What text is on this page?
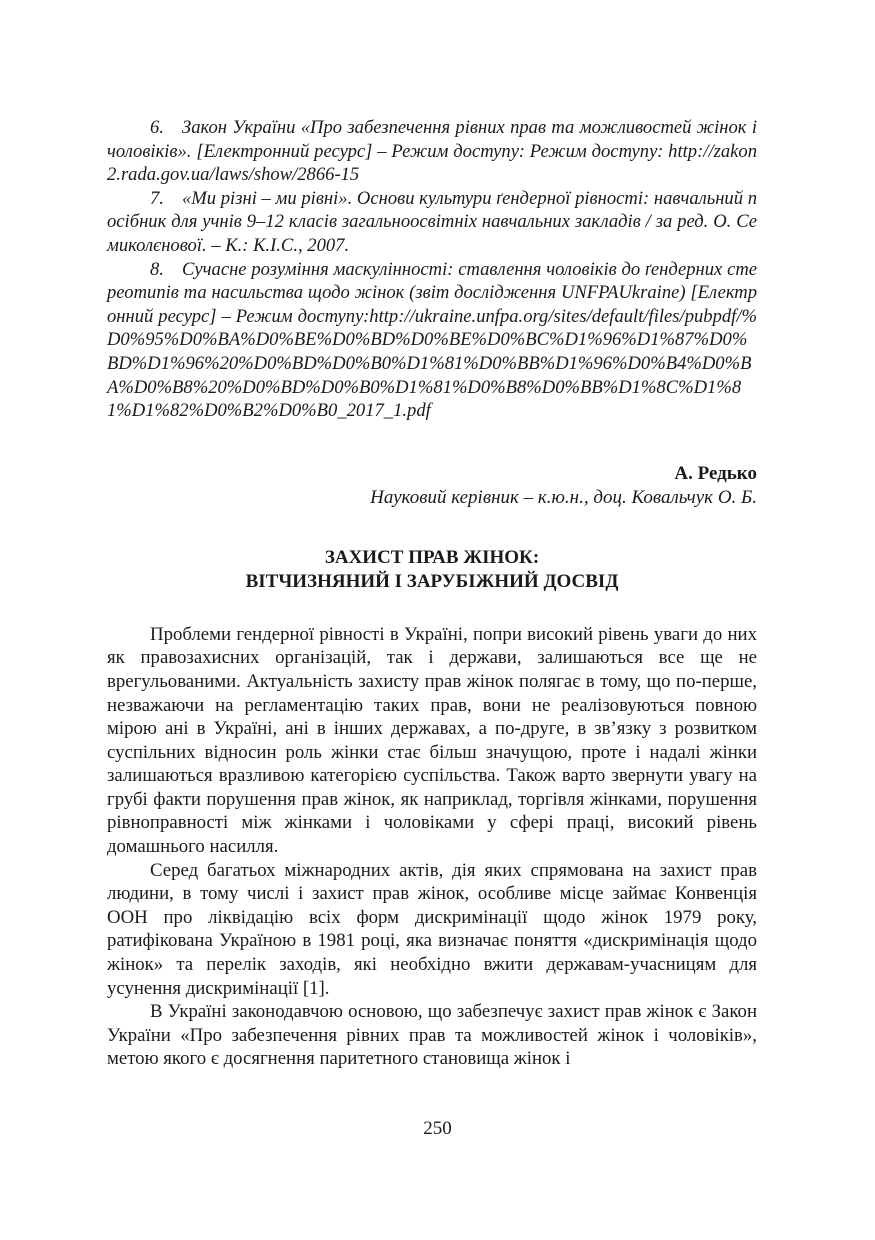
6. Закон України «Про забезпечення рівних прав та можливостей жінок і чоловіків». [Електронний ресурс] – Режим доступу: Режим доступу: http://zakon2.rada.gov.ua/laws/show/2866-15

7. «Ми різні – ми рівні». Основи культури ґендерної рівності: навчальний посібник для учнів 9–12 класів загальноосвітніх навчальних закладів / за ред. О. Семиколєнової. – К.: К.І.С., 2007.

8. Сучасне розуміння маскулінності: ставлення чоловіків до ґендерних стереотипів та насильства щодо жінок (звіт дослідження UNFPAUkraine) [Електронний ресурс] – Режим доступу:http://ukraine.unfpa.org/sites/default/files/pubpdf/%D0%95%D0%BA%D0%BE%D0%BD%D0%BE%D0%BC%D1%96%D1%87%D0%BD%D1%96%20%D0%BD%D0%B0%D1%81%D0%BB%D1%96%D0%B4%D0%BA%D0%B8%20%D0%BD%D0%B0%D1%81%D0%B8%D0%BB%D1%8C%D1%81%D1%82%D0%B2%D0%B0_2017_1.pdf

А. Редько
Науковий керівник – к.ю.н., доц. Ковальчук О. Б.
ЗАХИСТ ПРАВ ЖІНОК:
ВІТЧИЗНЯНИЙ І ЗАРУБІЖНИЙ ДОСВІД

Проблеми гендерної рівності в Україні, попри високий рівень уваги до них як правозахисних організацій, так і держави, залишаються все ще не врегульованими. Актуальність захисту прав жінок полягає в тому, що по-перше, незважаючи на регламентацію таких прав, вони не реалізовуються повною мірою ані в Україні, ані в інших державах, а по-друге, в зв’язку з розвитком суспільних відносин роль жінки стає більш значущою, проте і надалі жінки залишаються вразливою категорією суспільства. Також варто звернути увагу на грубі факти порушення прав жінок, як наприклад, торгівля жінками, порушення рівноправності між жінками і чоловіками у сфері праці, високий рівень домашнього насилля.

Серед багатьох міжнародних актів, дія яких спрямована на захист прав людини, в тому числі і захист прав жінок, особливе місце займає Конвенція ООН про ліквідацію всіх форм дискримінації щодо жінок 1979 року, ратифікована Україною в 1981 році, яка визначає поняття «дискримінація щодо жінок» та перелік заходів, які необхідно вжити державам-учасницям для усунення дискримінації [1].

В Україні законодавчою основою, що забезпечує захист прав жінок є Закон України «Про забезпечення рівних прав та можливостей жінок і чоловіків», метою якого є досягнення паритетного становища жінок і

250
